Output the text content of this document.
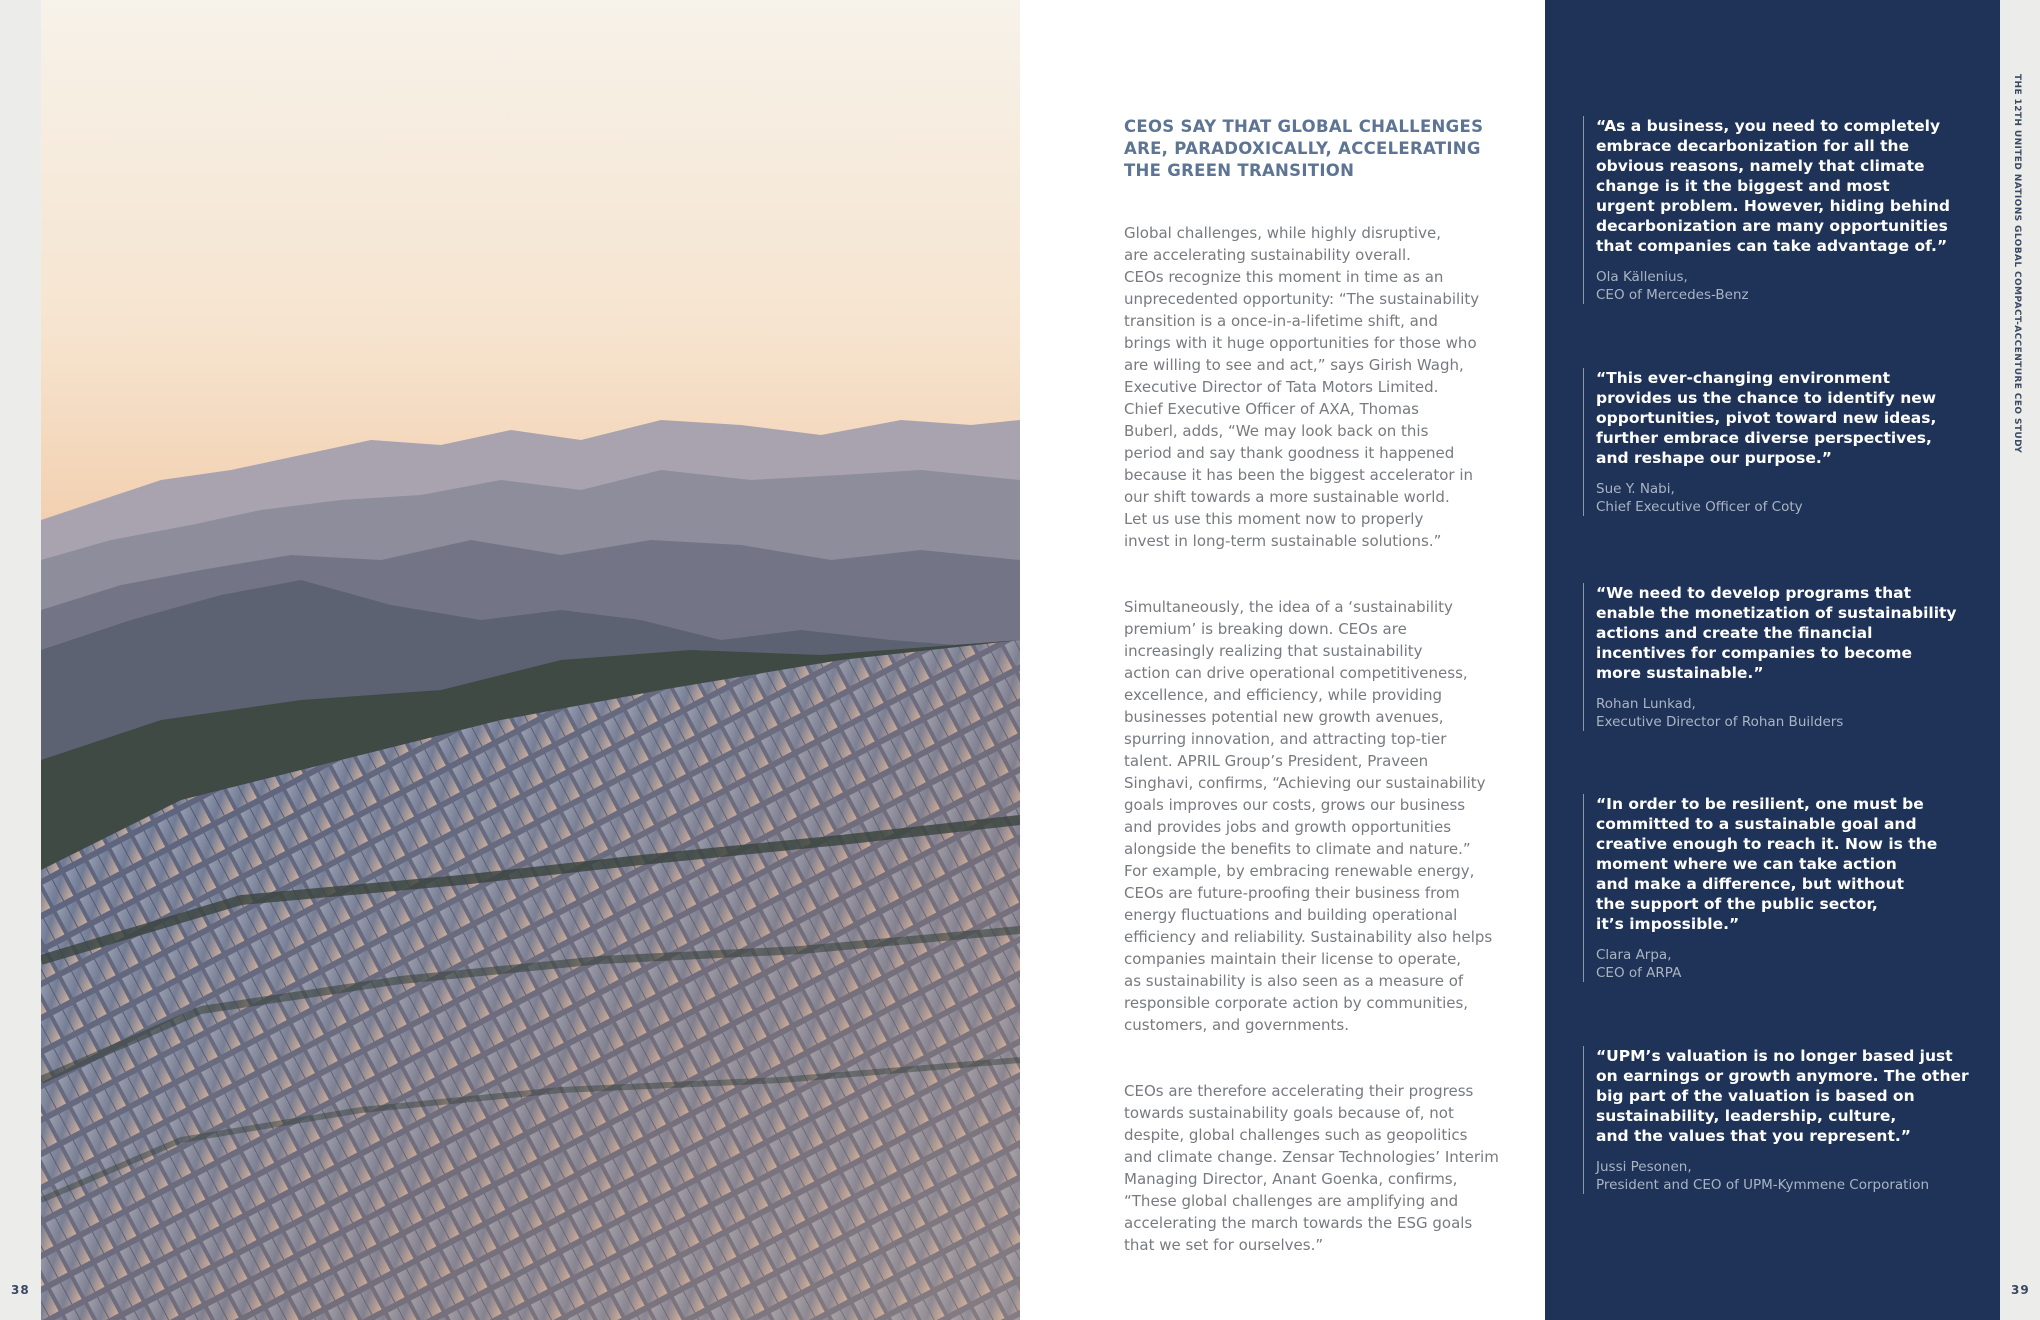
38
CEOS SAY THAT GLOBAL CHALLENGES
ARE, PARADOXICALLY, ACCELERATING
THE GREEN TRANSITION

Global challenges, while highly disruptive,
are accelerating sustainability overall.
CEOs recognize this moment in time as an
unprecedented opportunity: “The sustainability
transition is a once-in-a-lifetime shift, and
brings with it huge opportunities for those who
are willing to see and act,” says Girish Wagh,
Executive Director of Tata Motors Limited.
Chief Executive Officer of AXA, Thomas
Buberl, adds, “We may look back on this
period and say thank goodness it happened
because it has been the biggest accelerator in
our shift towards a more sustainable world.
Let us use this moment now to properly
invest in long-term sustainable solutions.”

Simultaneously, the idea of a ‘sustainability
premium’ is breaking down. CEOs are
increasingly realizing that sustainability
action can drive operational competitiveness,
excellence, and efficiency, while providing
businesses potential new growth avenues,
spurring innovation, and attracting top-tier
talent. APRIL Group’s President, Praveen
Singhavi, confirms, “Achieving our sustainability
goals improves our costs, grows our business
and provides jobs and growth opportunities
alongside the benefits to climate and nature.”
For example, by embracing renewable energy,
CEOs are future-proofing their business from
energy fluctuations and building operational
efficiency and reliability. Sustainability also helps
companies maintain their license to operate,
as sustainability is also seen as a measure of
responsible corporate action by communities,
customers, and governments.

CEOs are therefore accelerating their progress
towards sustainability goals because of, not
despite, global challenges such as geopolitics
and climate change. Zensar Technologies’ Interim
Managing Director, Anant Goenka, confirms,
“These global challenges are amplifying and
accelerating the march towards the ESG goals
that we set for ourselves.”

“As a business, you need to completely
embrace decarbonization for all the
obvious reasons, namely that climate
change is it the biggest and most
urgent problem. However, hiding behind
decarbonization are many opportunities
that companies can take advantage of.”

Ola Källenius,
CEO of Mercedes-Benz

“This ever-changing environment
provides us the chance to identify new
opportunities, pivot toward new ideas,
further embrace diverse perspectives,
and reshape our purpose.”

Sue Y. Nabi,
Chief Executive Officer of Coty

“We need to develop programs that
enable the monetization of sustainability
actions and create the financial
incentives for companies to become
more sustainable.”

Rohan Lunkad,
Executive Director of Rohan Builders

“In order to be resilient, one must be
committed to a sustainable goal and
creative enough to reach it. Now is the
moment where we can take action
and make a difference, but without
the support of the public sector,
it’s impossible.”

Clara Arpa,
CEO of ARPA

“UPM’s valuation is no longer based just
on earnings or growth anymore. The other
big part of the valuation is based on
sustainability, leadership, culture,
and the values that you represent.”

Jussi Pesonen,
President and CEO of UPM-Kymmene Corporation

THE 12TH UNITED NATIONS GLOBAL COMPACT-ACCENTURE CEO STUDY
39
